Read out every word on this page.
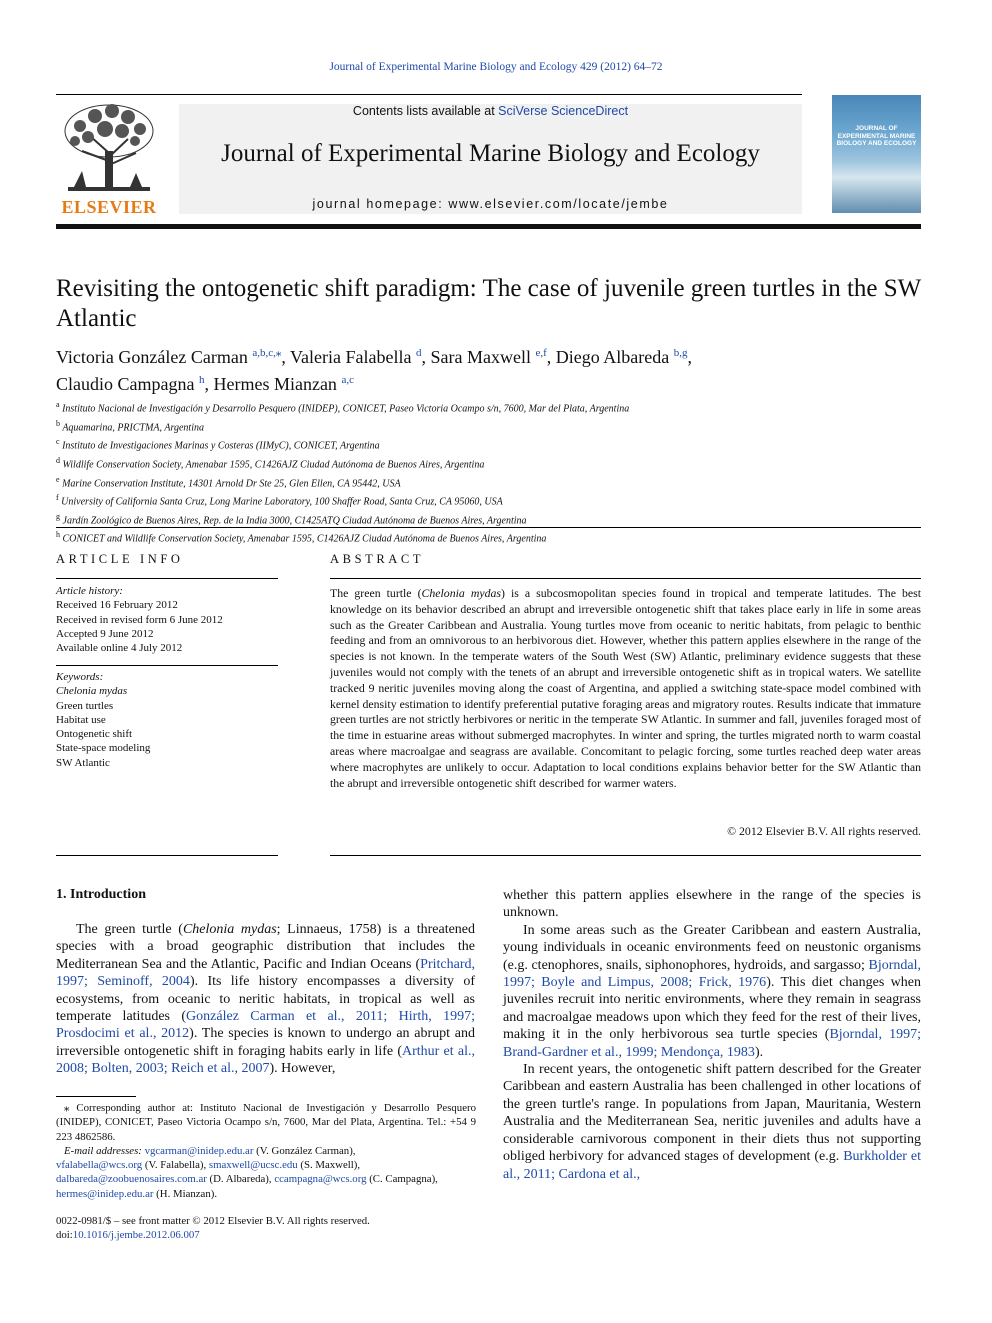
Journal of Experimental Marine Biology and Ecology 429 (2012) 64–72
ELSEVIER
Contents lists available at SciVerse ScienceDirect
Journal of Experimental Marine Biology and Ecology
journal homepage: www.elsevier.com/locate/jembe
JOURNAL OF EXPERIMENTAL MARINE BIOLOGY AND ECOLOGY
Revisiting the ontogenetic shift paradigm: The case of juvenile green turtles in the SW Atlantic
Victoria González Carman $^{a,b,c,⁎}$, Valeria Falabella $^d$, Sara Maxwell $^{e,f}$, Diego Albareda $^{b,g}$,
Claudio Campagna $^h$, Hermes Mianzan $^{a,c}$
$^a$ Instituto Nacional de Investigación y Desarrollo Pesquero (INIDEP), CONICET, Paseo Victoria Ocampo s/n, 7600, Mar del Plata, Argentina
$^b$ Aquamarina, PRICTMA, Argentina
$^c$ Instituto de Investigaciones Marinas y Costeras (IIMyC), CONICET, Argentina
$^d$ Wildlife Conservation Society, Amenabar 1595, C1426AJZ Ciudad Autónoma de Buenos Aires, Argentina
$^e$ Marine Conservation Institute, 14301 Arnold Dr Ste 25, Glen Ellen, CA 95442, USA
$^f$ University of California Santa Cruz, Long Marine Laboratory, 100 Shaffer Road, Santa Cruz, CA 95060, USA
$^g$ Jardín Zoológico de Buenos Aires, Rep. de la India 3000, C1425ATQ Ciudad Autónoma de Buenos Aires, Argentina
$^h$ CONICET and Wildlife Conservation Society, Amenabar 1595, C1426AJZ Ciudad Autónoma de Buenos Aires, Argentina
ARTICLE INFO
Article history:
Received 16 February 2012
Received in revised form 6 June 2012
Accepted 9 June 2012
Available online 4 July 2012
Keywords:
Chelonia mydas
Green turtles
Habitat use
Ontogenetic shift
State-space modeling
SW Atlantic
ABSTRACT
The green turtle (Chelonia mydas) is a subcosmopolitan species found in tropical and temperate latitudes. The best knowledge on its behavior described an abrupt and irreversible ontogenetic shift that takes place early in life in some areas such as the Greater Caribbean and Australia. Young turtles move from oceanic to neritic habitats, from pelagic to benthic feeding and from an omnivorous to an herbivorous diet. However, whether this pattern applies elsewhere in the range of the species is not known. In the temperate waters of the South West (SW) Atlantic, preliminary evidence suggests that these juveniles would not comply with the tenets of an abrupt and irreversible ontogenetic shift as in tropical waters. We satellite tracked 9 neritic juveniles moving along the coast of Argentina, and applied a switching state-space model combined with kernel density estimation to identify preferential putative foraging areas and migratory routes. Results indicate that immature green turtles are not strictly herbivores or neritic in the temperate SW Atlantic. In summer and fall, juveniles foraged most of the time in estuarine areas without submerged macrophytes. In winter and spring, the turtles migrated north to warm coastal areas where macroalgae and seagrass are available. Concomitant to pelagic forcing, some turtles reached deep water areas where macrophytes are unlikely to occur. Adaptation to local conditions explains behavior better for the SW Atlantic than the abrupt and irreversible ontogenetic shift described for warmer waters.
© 2012 Elsevier B.V. All rights reserved.
1. Introduction

The green turtle (Chelonia mydas; Linnaeus, 1758) is a threatened species with a broad geographic distribution that includes the Mediterranean Sea and the Atlantic, Pacific and Indian Oceans (Pritchard, 1997; Seminoff, 2004). Its life history encompasses a diversity of ecosystems, from oceanic to neritic habitats, in tropical as well as temperate latitudes (González Carman et al., 2011; Hirth, 1997; Prosdocimi et al., 2012). The species is known to undergo an abrupt and irreversible ontogenetic shift in foraging habits early in life (Arthur et al., 2008; Bolten, 2003; Reich et al., 2007). However,

whether this pattern applies elsewhere in the range of the species is unknown.

In some areas such as the Greater Caribbean and eastern Australia, young individuals in oceanic environments feed on neustonic organisms (e.g. ctenophores, snails, siphonophores, hydroids, and sargasso; Bjorndal, 1997; Boyle and Limpus, 2008; Frick, 1976). This diet changes when juveniles recruit into neritic environments, where they remain in seagrass and macroalgae meadows upon which they feed for the rest of their lives, making it in the only herbivorous sea turtle species (Bjorndal, 1997; Brand-Gardner et al., 1999; Mendonça, 1983).

In recent years, the ontogenetic shift pattern described for the Greater Caribbean and eastern Australia has been challenged in other locations of the green turtle's range. In populations from Japan, Mauritania, Western Australia and the Mediterranean Sea, neritic juveniles and adults have a considerable carnivorous component in their diets thus not supporting obliged herbivory for advanced stages of development (e.g. Burkholder et al., 2011; Cardona et al.,

⁎ Corresponding author at: Instituto Nacional de Investigación y Desarrollo Pesquero (INIDEP), CONICET, Paseo Victoria Ocampo s/n, 7600, Mar del Plata, Argentina. Tel.: +54 9 223 4862586.
E-mail addresses: vgcarman@inidep.edu.ar (V. González Carman),
vfalabella@wcs.org (V. Falabella), smaxwell@ucsc.edu (S. Maxwell),
dalbareda@zoobuenosaires.com.ar (D. Albareda), ccampagna@wcs.org (C. Campagna),
hermes@inidep.edu.ar (H. Mianzan).
0022-0981/$ – see front matter © 2012 Elsevier B.V. All rights reserved.
doi:10.1016/j.jembe.2012.06.007
